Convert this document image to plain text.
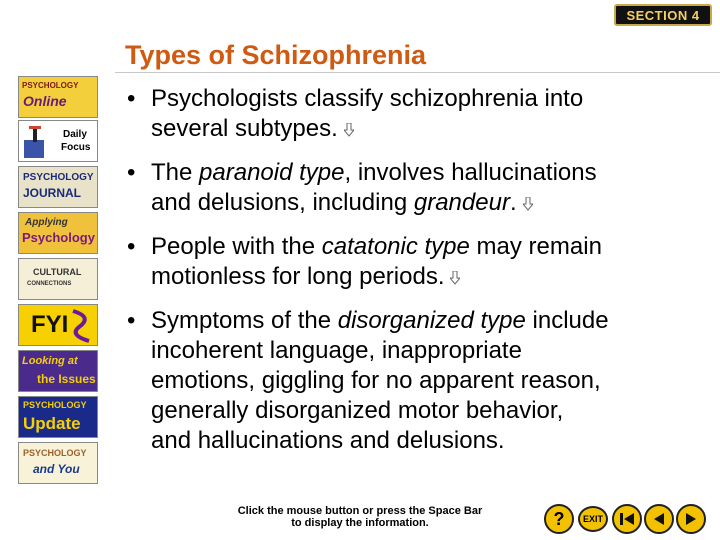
SECTION 4
Types of Schizophrenia
PSYCHOLOGY
Online
Daily
Focus
PSYCHOLOGY
JOURNAL
Applying
Psychology
CULTURAL
CONNECTIONS
FYI
Looking at
the Issues
PSYCHOLOGY
Update
PSYCHOLOGY
and You
• Psychologists classify schizophrenia into
several subtypes.
• The paranoid type, involves hallucinations
and delusions, including grandeur.
• People with the catatonic type may remain
motionless for long periods.
• Symptoms of the disorganized type include
incoherent language, inappropriate
emotions, giggling for no apparent reason,
generally disorganized motor behavior,
and hallucinations and delusions.
Click the mouse button or press the Space Bar
to display the information.	? EXIT
